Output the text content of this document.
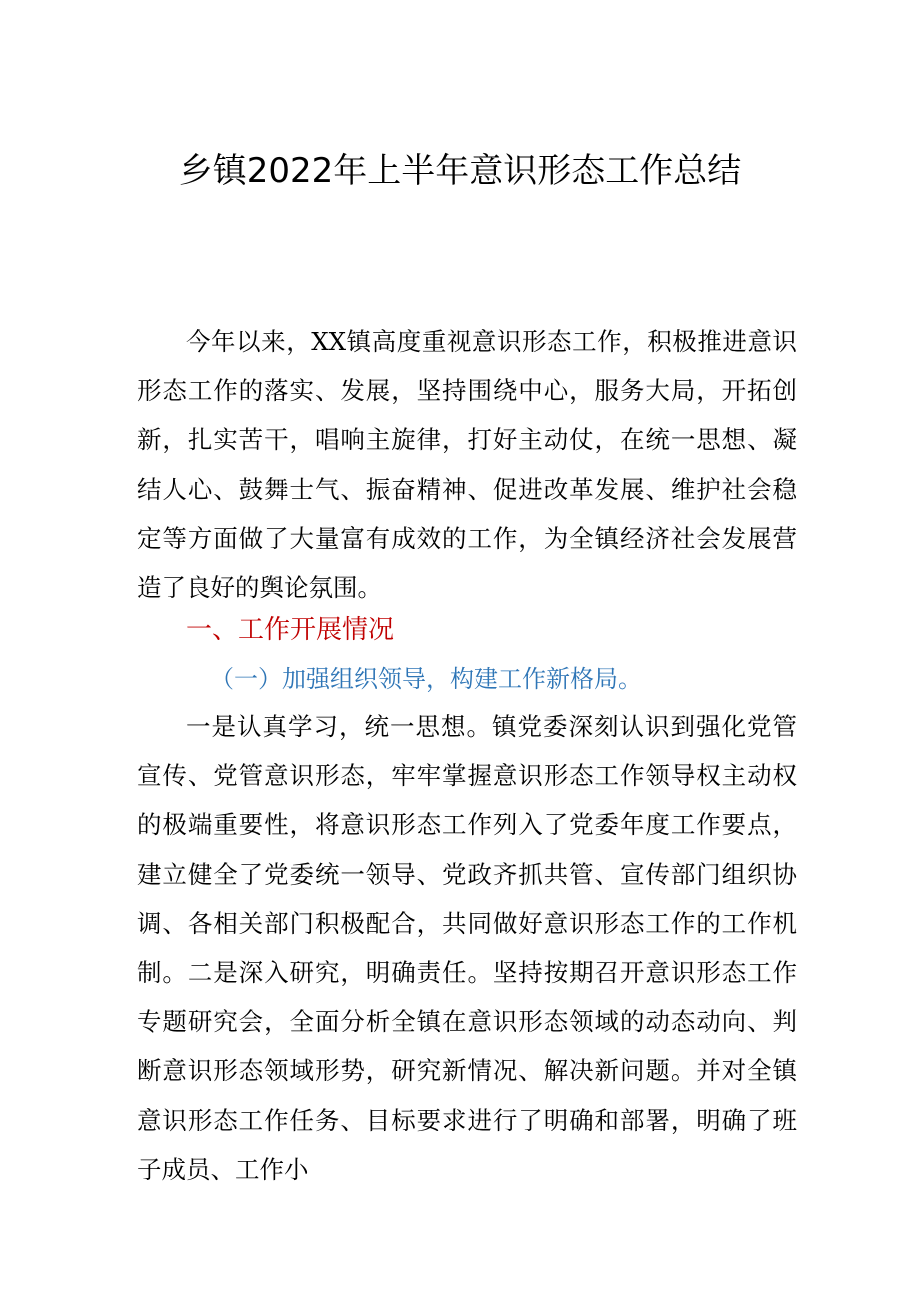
乡镇2022年上半年意识形态工作总结

今年以来，XX镇高度重视意识形态工作，积极推进意识形态工作的落实、发展，坚持围绕中心，服务大局，开拓创新，扎实苦干，唱响主旋律，打好主动仗，在统一思想、凝结人心、鼓舞士气、振奋精神、促进改革发展、维护社会稳定等方面做了大量富有成效的工作，为全镇经济社会发展营造了良好的舆论氛围。

一、工作开展情况
（一）加强组织领导，构建工作新格局。

一是认真学习，统一思想。镇党委深刻认识到强化党管宣传、党管意识形态，牢牢掌握意识形态工作领导权主动权的极端重要性，将意识形态工作列入了党委年度工作要点，建立健全了党委统一领导、党政齐抓共管、宣传部门组织协调、各相关部门积极配合，共同做好意识形态工作的工作机制。二是深入研究，明确责任。坚持按期召开意识形态工作专题研究会，全面分析全镇在意识形态领域的动态动向、判断意识形态领域形势，研究新情况、解决新问题。并对全镇意识形态工作任务、目标要求进行了明确和部署，明确了班子成员、工作小
